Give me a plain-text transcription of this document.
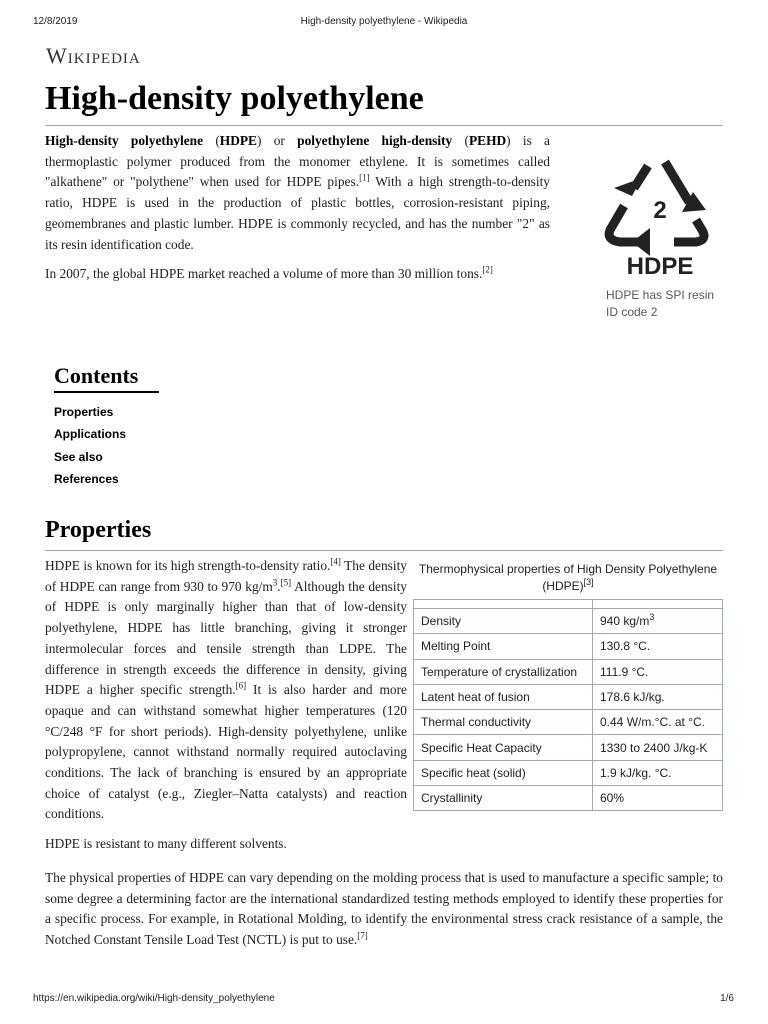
12/8/2019	High-density polyethylene - Wikipedia
Wikipedia
High-density polyethylene

High-density polyethylene (HDPE) or polyethylene high-density (PEHD) is a thermoplastic polymer produced from the monomer ethylene. It is sometimes called "alkathene" or "polythene" when used for HDPE pipes.[1] With a high strength-to-density ratio, HDPE is used in the production of plastic bottles, corrosion-resistant piping, geomembranes and plastic lumber. HDPE is commonly recycled, and has the number "2" as its resin identification code.

In 2007, the global HDPE market reached a volume of more than 30 million tons.[2]

2
HDPE
HDPE has SPI resin ID code 2
Contents
Properties
Applications
See also
References
Properties

HDPE is known for its high strength-to-density ratio.[4] The density of HDPE can range from 930 to 970 $kg/m^3.[5]$ Although the density of HDPE is only marginally higher than that of low-density polyethylene, HDPE has little branching, giving it stronger intermolecular forces and tensile strength than LDPE. The difference in strength exceeds the difference in density, giving HDPE a higher specific strength.[6] It is also harder and more opaque and can withstand somewhat higher temperatures (120 °C/248 °F for short periods). High-density polyethylene, unlike polypropylene, cannot withstand normally required autoclaving conditions. The lack of branching is ensured by an appropriate choice of catalyst (e.g., Ziegler–Natta catalysts) and reaction conditions.

Thermophysical properties of High Density Polyethylene (HDPE)[3]

Density	940 $kg/m^3$
Melting Point	130.8 °C.
Temperature of crystallization	111.9 °C.
Latent heat of fusion	178.6 kJ/kg.
Thermal conductivity	0.44 W/m.°C. at °C.
Specific Heat Capacity	1330 to 2400 J/kg-K
Specific heat (solid)	1.9 kJ/kg. °C.
Crystallinity	60%

HDPE is resistant to many different solvents.

The physical properties of HDPE can vary depending on the molding process that is used to manufacture a specific sample; to some degree a determining factor are the international standardized testing methods employed to identify these properties for a specific process. For example, in Rotational Molding, to identify the environmental stress crack resistance of a sample, the Notched Constant Tensile Load Test (NCTL) is put to use.[7]

https://en.wikipedia.org/wiki/High-density_polyethylene	1/6
